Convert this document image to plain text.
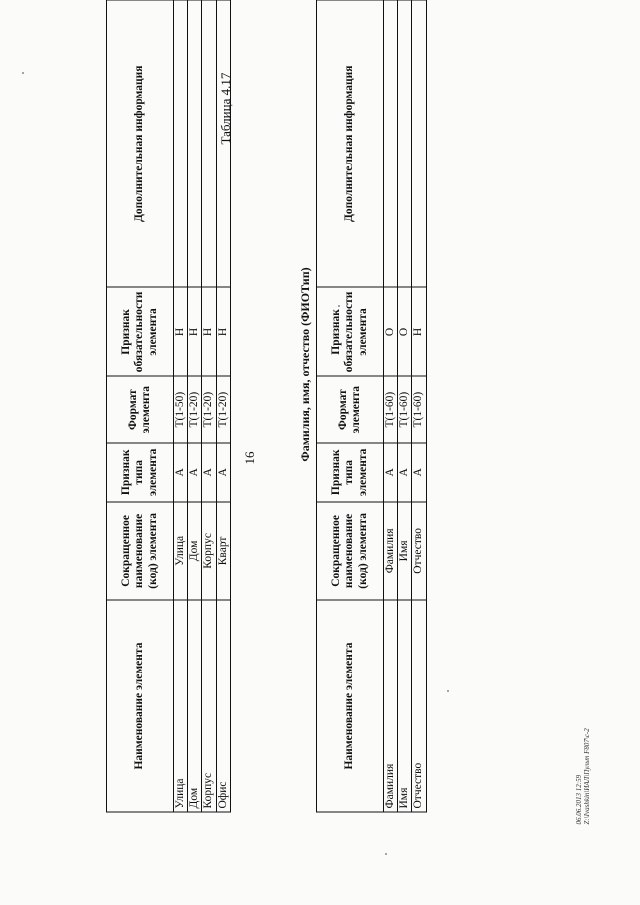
16
Наименование элемента	Сокращенное наименование (код) элемента	Признак типа элемента	Формат элемента	Признак обязательности элемента	Дополнительная информация
Улица	Улица	А	Т(1-50)	Н	
Дом	Дом	А	Т(1-20)	Н	
Корпус	Корпус	А	Т(1-20)	Н	
Офис	Кварт	А	Т(1-20)	Н	
Таблица 4.17
Фамилия, имя, отчество (ФИОТип)
Наименование элемента	Сокращенное наименование (код) элемента	Признак типа элемента	Формат элемента	Признак обязательности элемента	Дополнительная информация
Фамилия	Фамилия	А	Т(1-60)	О	
Имя	Имя	А	Т(1-60)	О	
Отчество	Отчество	А	Т(1-60)	Н	
06.06.2013 12:59 Z:\Ivashkin\ИАЛ\Пульт F807\c-2
